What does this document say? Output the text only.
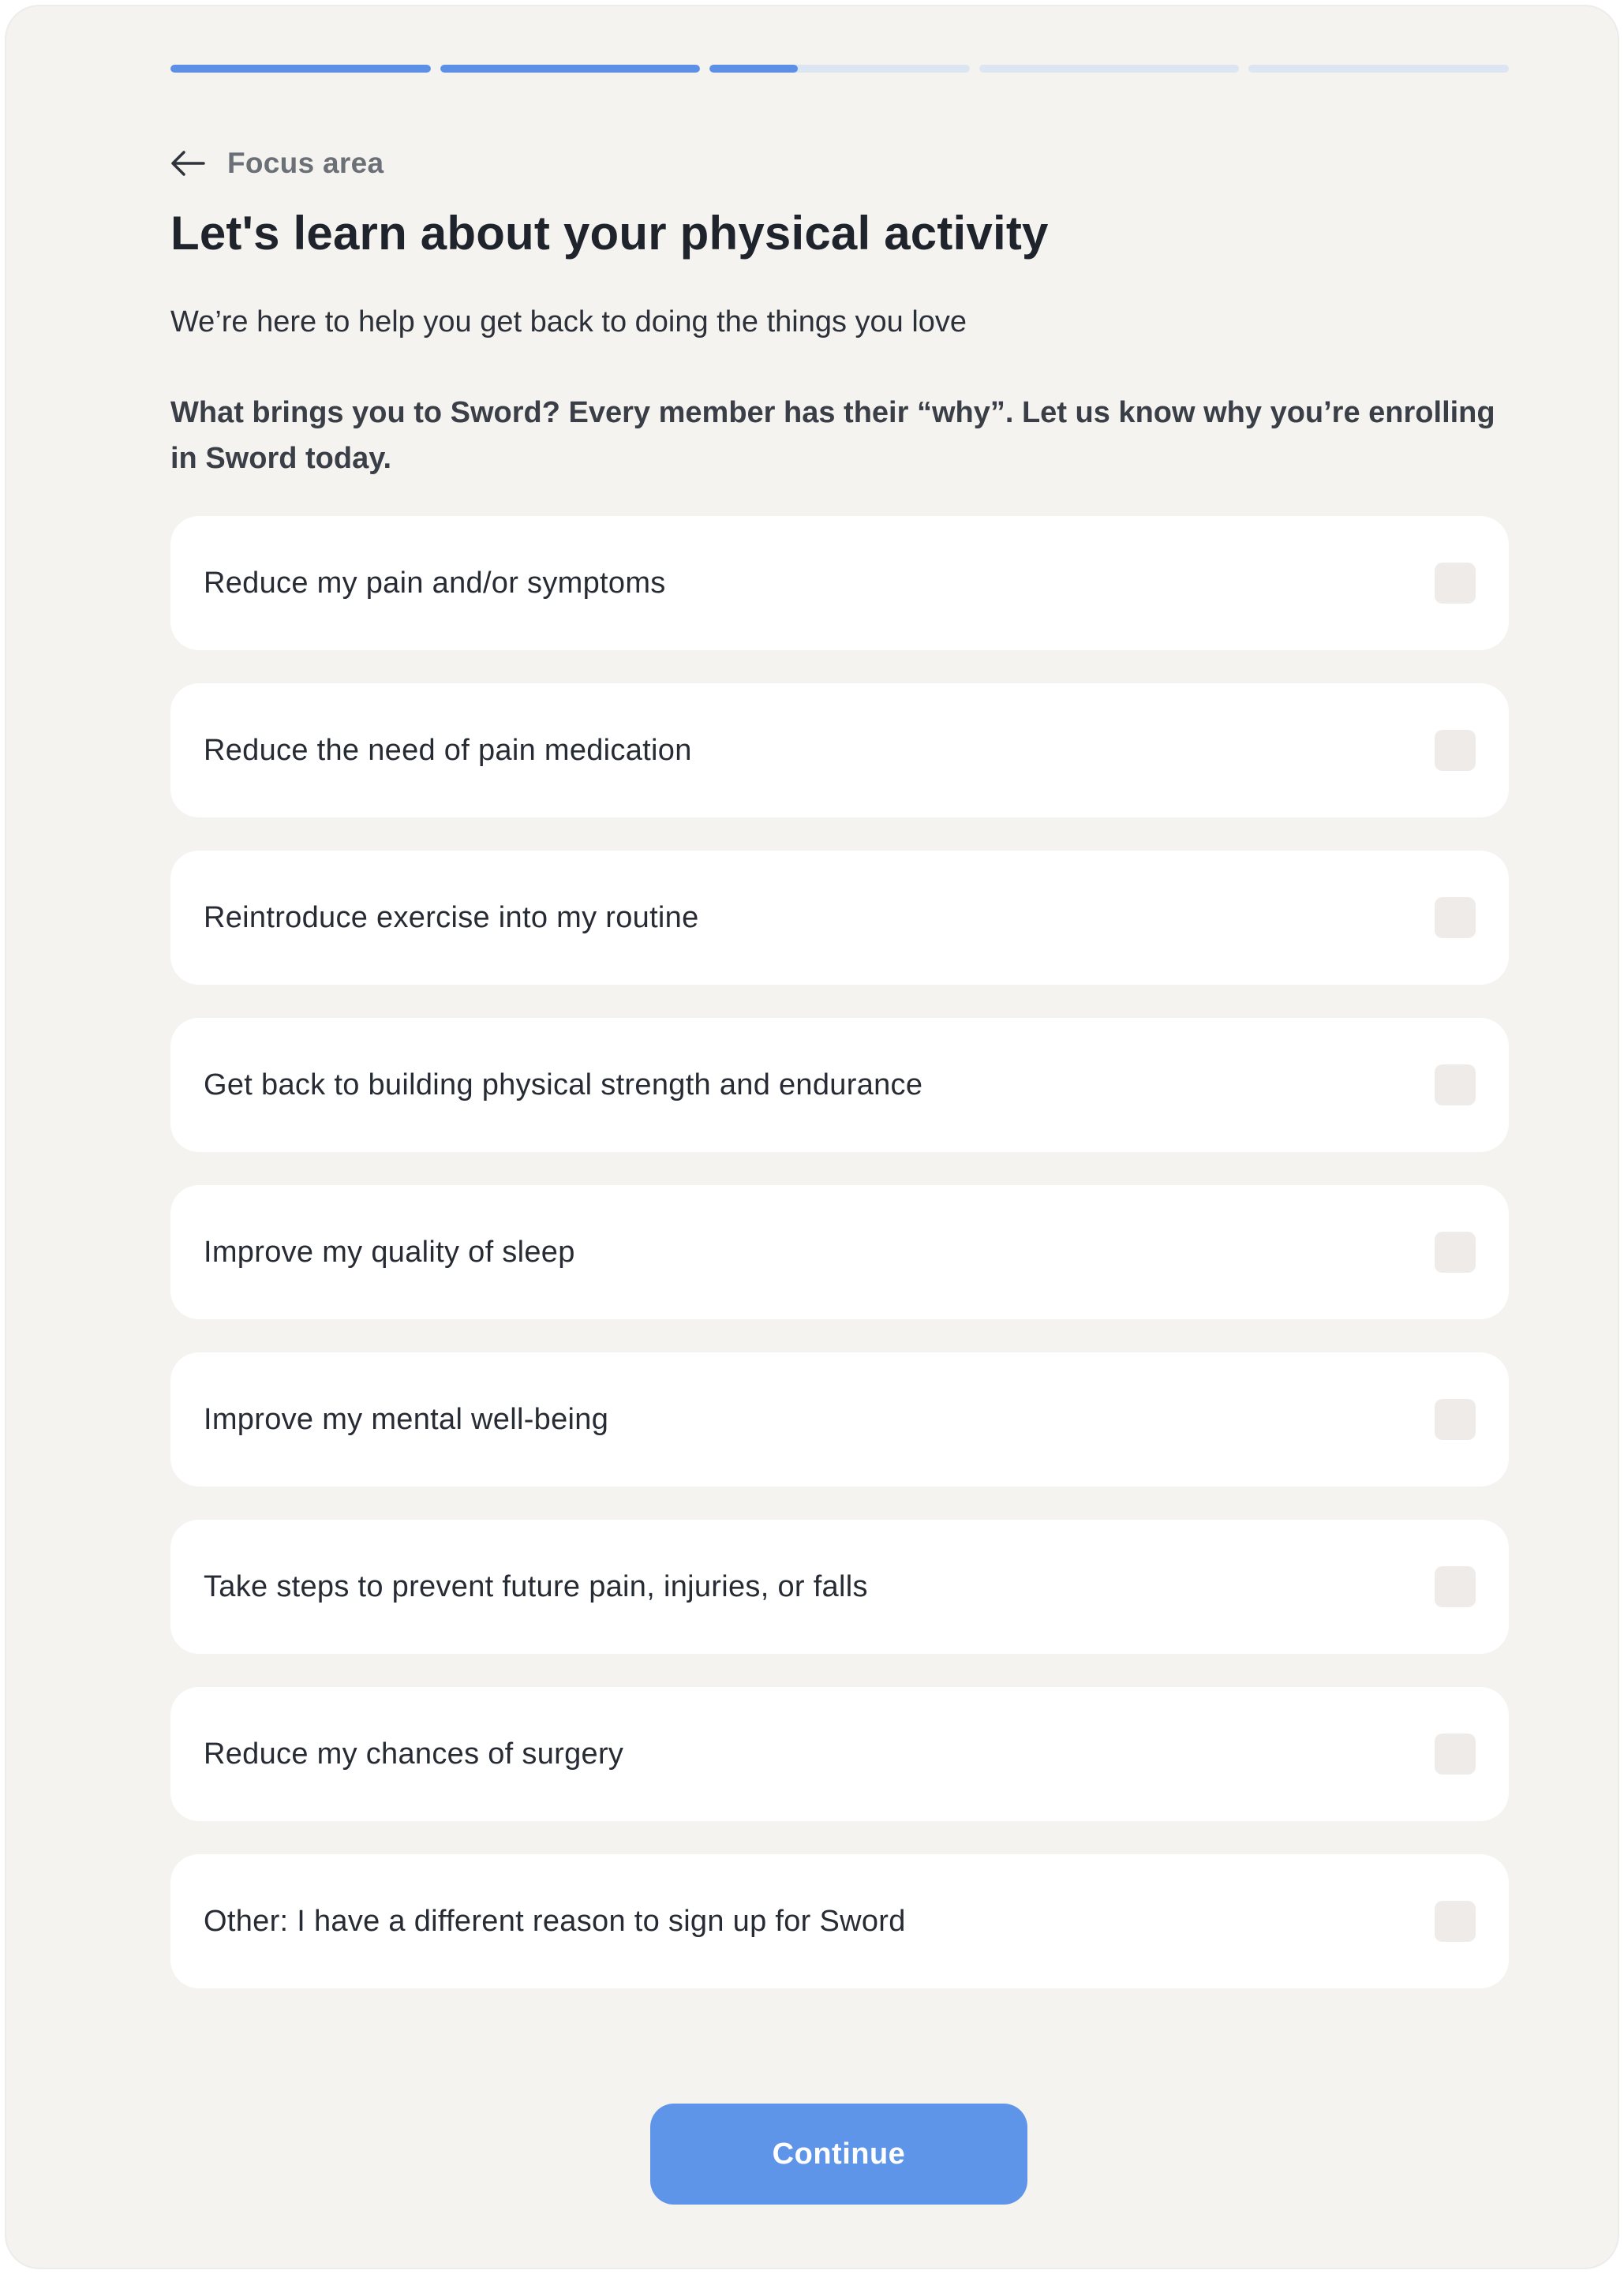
Focus area
Let's learn about your physical activity

We’re here to help you get back to doing the things you love

What brings you to Sword? Every member has their “why”. Let us know why you’re enrolling in Sword today.

Reduce my pain and/or symptoms
Reduce the need of pain medication
Reintroduce exercise into my routine
Get back to building physical strength and endurance
Improve my quality of sleep
Improve my mental well-being
Take steps to prevent future pain, injuries, or falls
Reduce my chances of surgery
Other: I have a different reason to sign up for Sword
Continue
